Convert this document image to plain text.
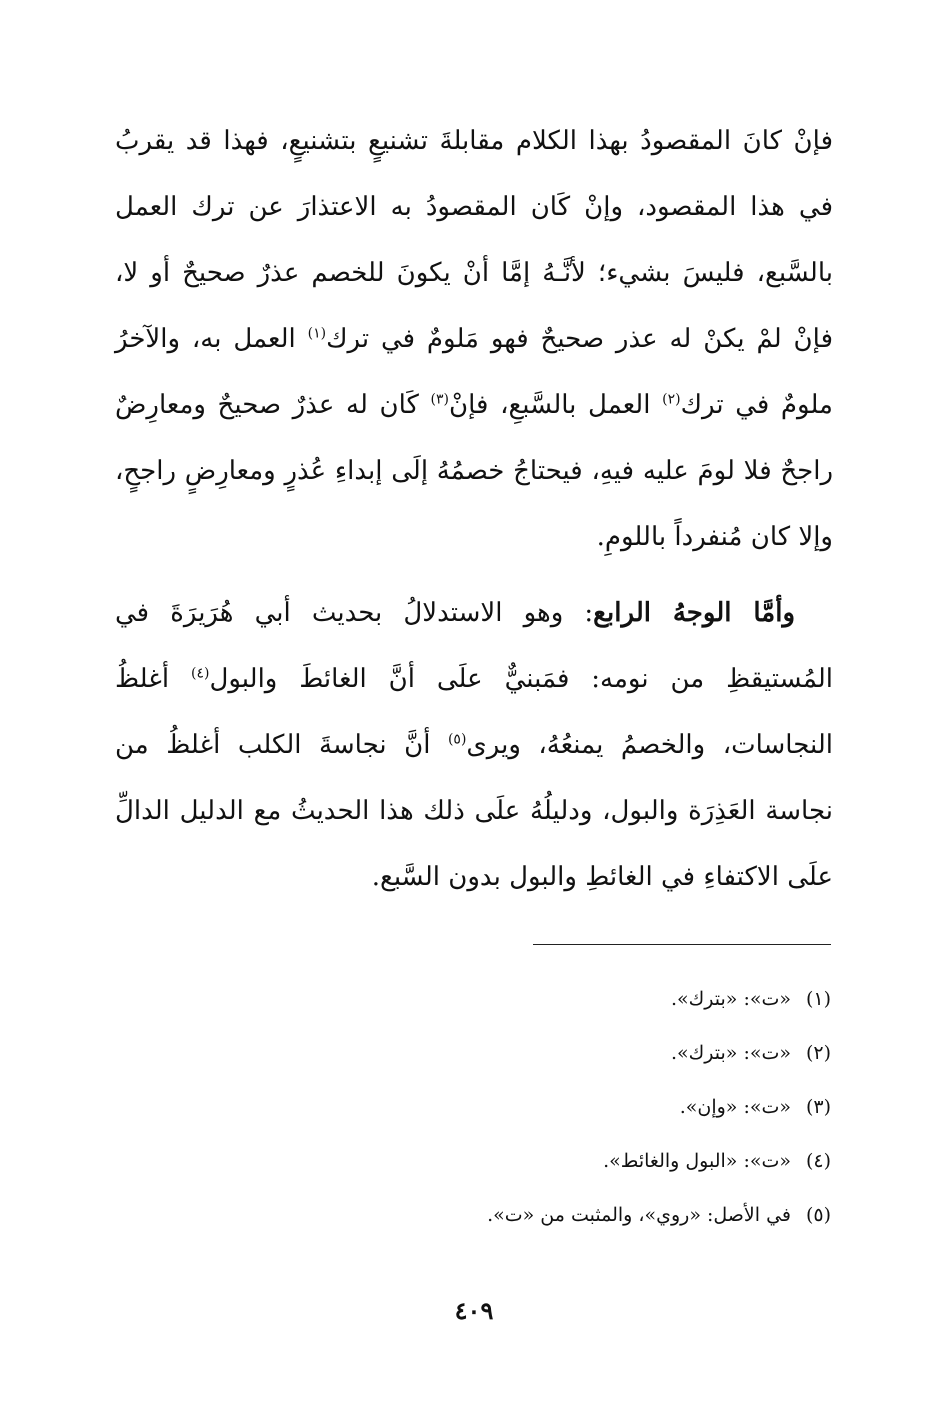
فإنْ كانَ المقصودُ بهذا الكلام مقابلةَ تشنيعٍ بتشنيعٍ، فهذا قد يقربُ في هذا المقصود، وإنْ كَان المقصودُ به الاعتذارَ عن ترك العمل بالسَّبع، فليسَ بشيء؛ لأنَّـهُ إمَّا أنْ يكونَ للخصم عذرٌ صحيحٌ أو لا، فإنْ لمْ يكنْ له عذر صحيحٌ فهو مَلومٌ في ترك$^{(١)}$ العمل به، والآخرُ ملومٌ في ترك$^{(٢)}$ العمل بالسَّبعِ، فإنْ$^{(٣)}$ كَان له عذرٌ صحيحٌ ومعارِضٌ راجحٌ فلا لومَ عليه فيهِ، فيحتاجُ خصمُهُ إلَى إبداءِ عُذرٍ ومعارِضٍ راجحٍ، وإلا كان مُنفرداً باللومِ.

وأمَّا الوجهُ الرابع: وهو الاستدلالُ بحديث أبي هُرَيرَةَ في المُستيقظِ من نومه: فمَبنيٌّ علَى أنَّ الغائطَ والبول$^{(٤)}$ أغلظُ النجاسات، والخصمُ يمنعُهُ، ويرى$^{(٥)}$ أنَّ نجاسةَ الكلب أغلظُ من نجاسة العَذِرَة والبول، ودليلُهُ علَى ذلك هذا الحديثُ مع الدليل الدالِّ علَى الاكتفاءِ في الغائطِ والبول بدون السَّبع.

(١)
«ت»: «بترك».
(٢)
«ت»: «بترك».
(٣)
«ت»: «وإن».
(٤)
«ت»: «البول والغائط».
(٥)
في الأصل: «روي»، والمثبت من «ت».
٤٠٩
